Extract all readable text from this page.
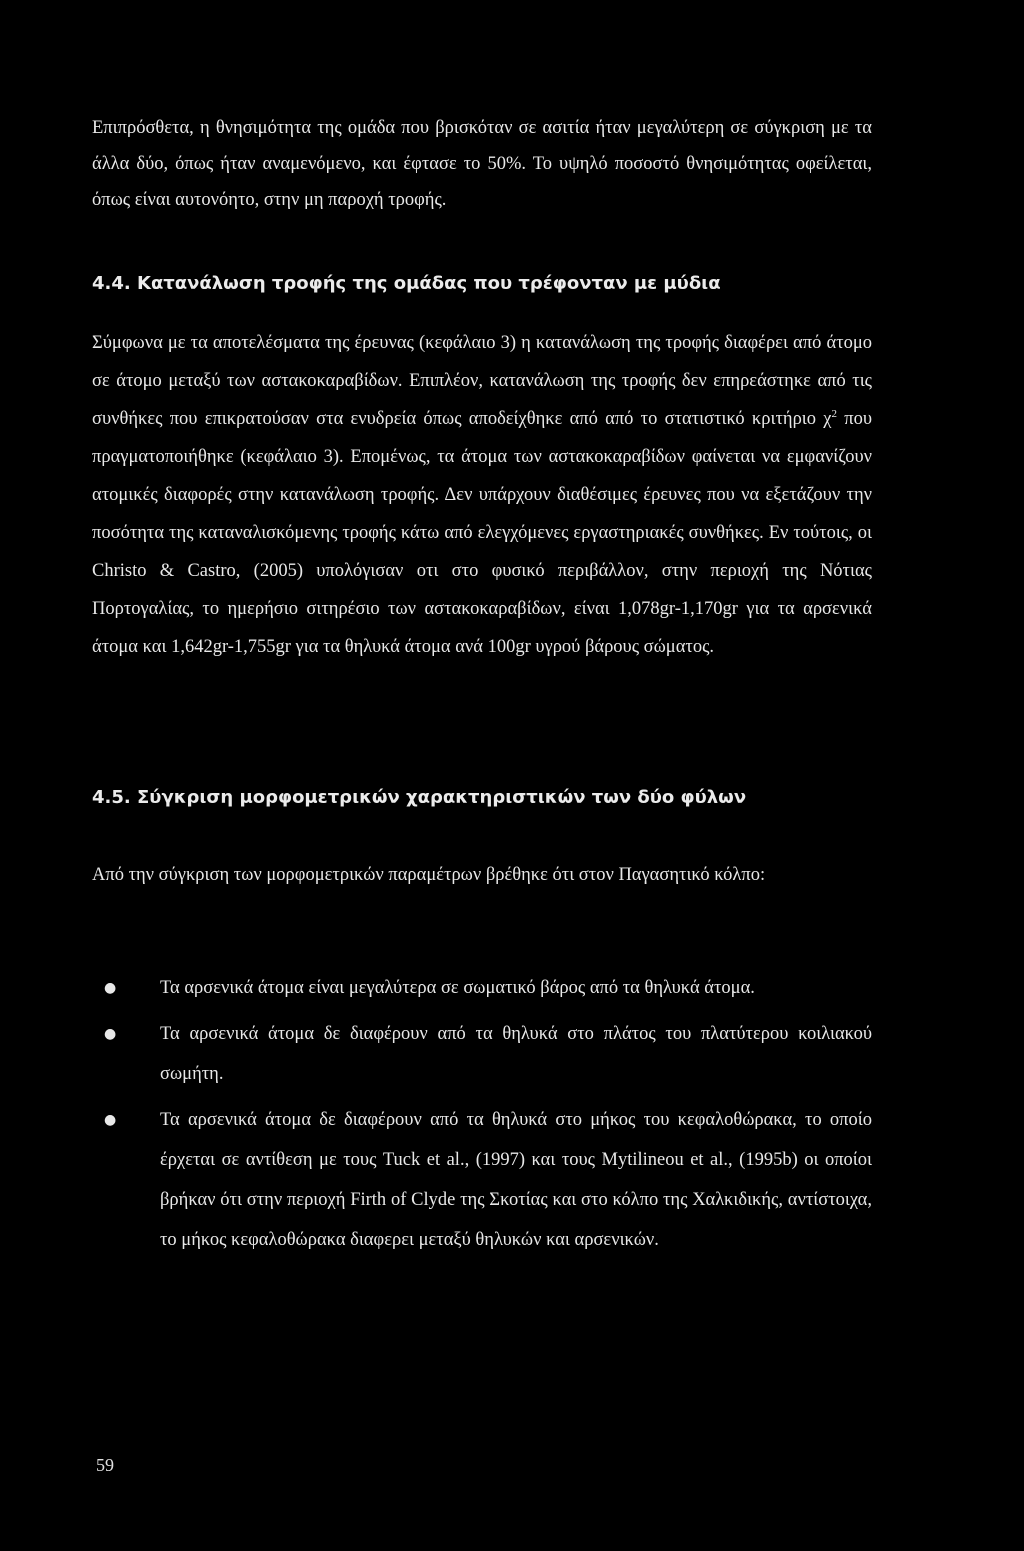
Επιπρόσθετα, η θνησιμότητα της ομάδα που βρισκόταν σε ασιτία ήταν μεγαλύτερη σε σύγκριση με τα άλλα δύο, όπως ήταν αναμενόμενο, και έφτασε το 50%. Το υψηλό ποσοστό θνησιμότητας οφείλεται, όπως είναι αυτονόητο, στην μη παροχή τροφής.

4.4. Κατανάλωση τροφής της ομάδας που τρέφονταν με μύδια

Σύμφωνα με τα αποτελέσματα της έρευνας (κεφάλαιο 3) η κατανάλωση της τροφής διαφέρει από άτομο σε άτομο μεταξύ των αστακοκαραβίδων. Επιπλέον, κατανάλωση της τροφής δεν επηρεάστηκε από τις συνθήκες που επικρατούσαν στα ενυδρεία όπως αποδείχθηκε από από το στατιστικό κριτήριο $\chi^2$ που πραγματοποιήθηκε (κεφάλαιο 3). Επομένως, τα άτομα των αστακοκαραβίδων φαίνεται να εμφανίζουν ατομικές διαφορές στην κατανάλωση τροφής. Δεν υπάρχουν διαθέσιμες έρευνες που να εξετάζουν την ποσότητα της καταναλισκόμενης τροφής κάτω από ελεγχόμενες εργαστηριακές συνθήκες. Εν τούτοις, οι Christo & Castro, (2005) υπολόγισαν οτι στο φυσικό περιβάλλον, στην περιοχή της Νότιας Πορτογαλίας, το ημερήσιο σιτηρέσιο των αστακοκαραβίδων, είναι 1,078gr-1,170gr για τα αρσενικά άτομα και 1,642gr-1,755gr για τα θηλυκά άτομα ανά 100gr υγρού βάρους σώματος.

4.5. Σύγκριση μορφομετρικών χαρακτηριστικών των δύο φύλων

Από την σύγκριση των μορφομετρικών παραμέτρων βρέθηκε ότι στον Παγασητικό κόλπο:

● Τα αρσενικά άτομα είναι μεγαλύτερα σε σωματικό βάρος από τα θηλυκά άτομα.
● Τα αρσενικά άτομα δε διαφέρουν από τα θηλυκά στο πλάτος του πλατύτερου κοιλιακού σωμήτη.
● Τα αρσενικά άτομα δε διαφέρουν από τα θηλυκά στο μήκος του κεφαλοθώρακα, το οποίο έρχεται σε αντίθεση με τους Tuck et al., (1997) και τους Mytilineou et al., (1995b) οι οποίοι βρήκαν ότι στην περιοχή Firth of Clyde της Σκοτίας και στο κόλπο της Χαλκιδικής, αντίστοιχα, το μήκος κεφαλοθώρακα διαφερει μεταξύ θηλυκών και αρσενικών.
59
